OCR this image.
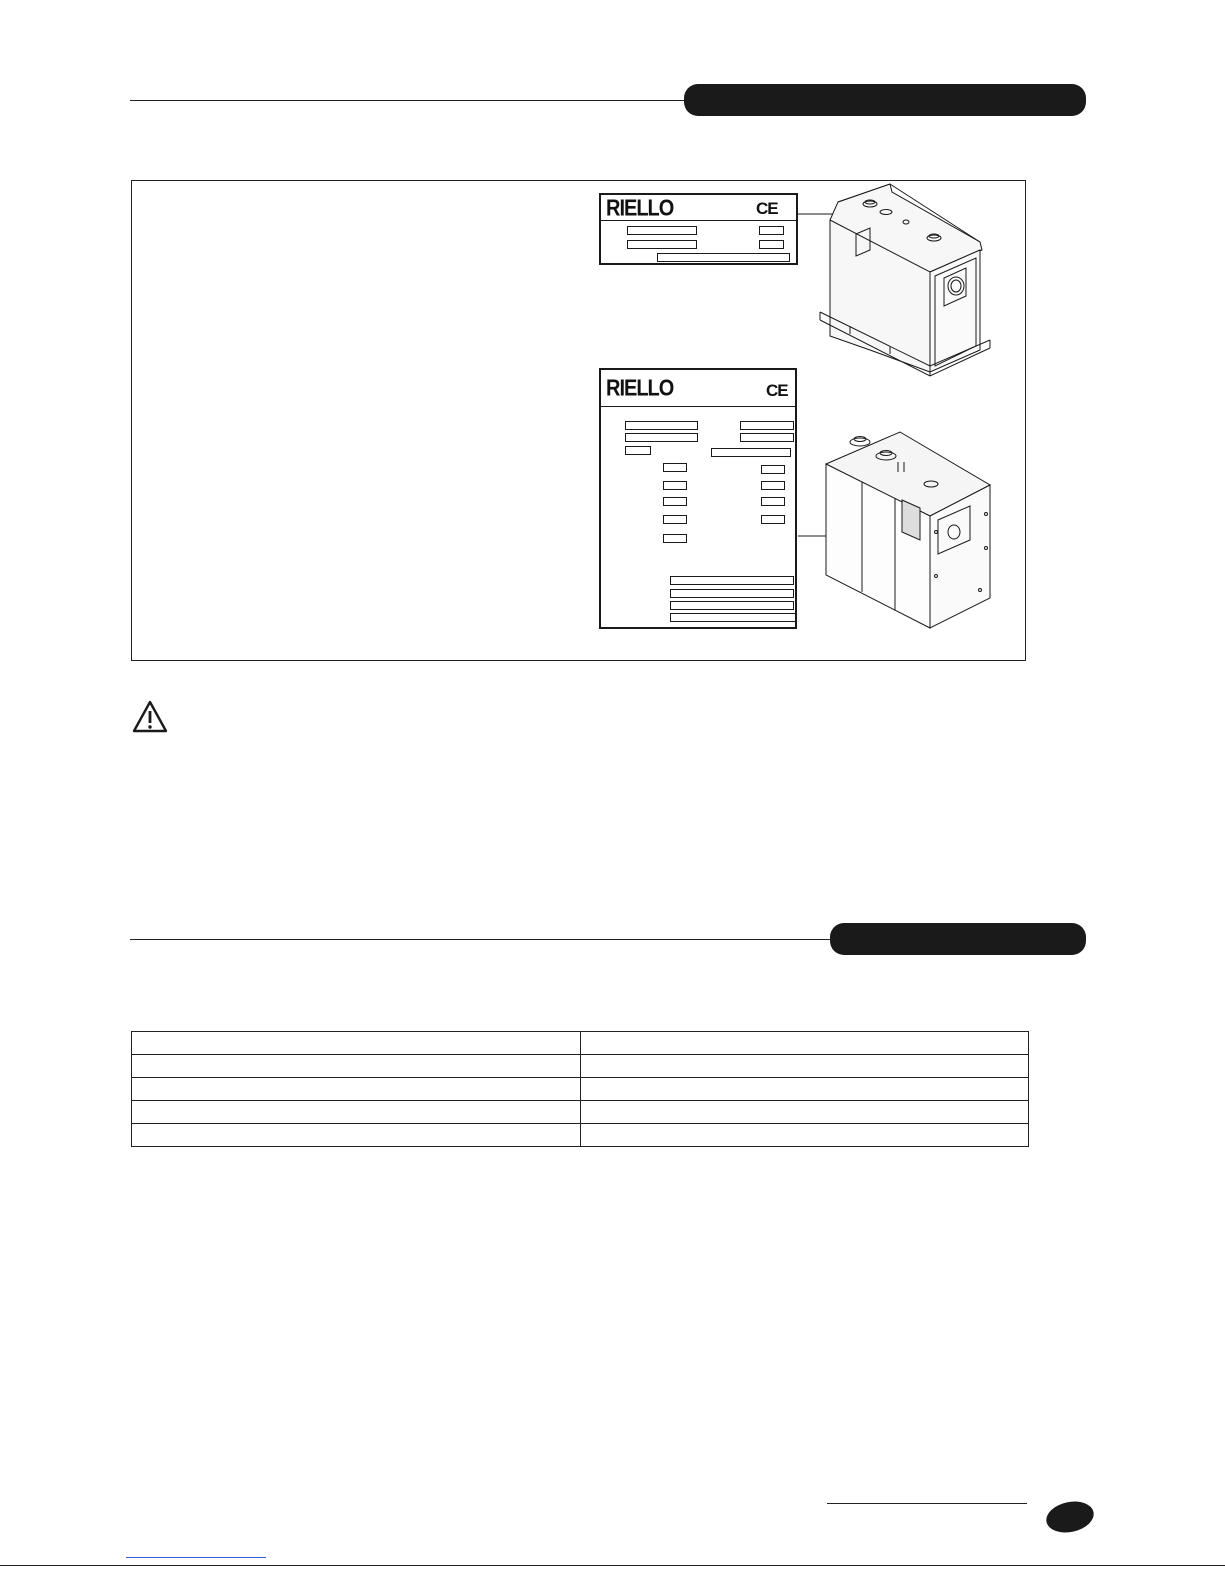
RIELLO	CE
RIELLO	CE
